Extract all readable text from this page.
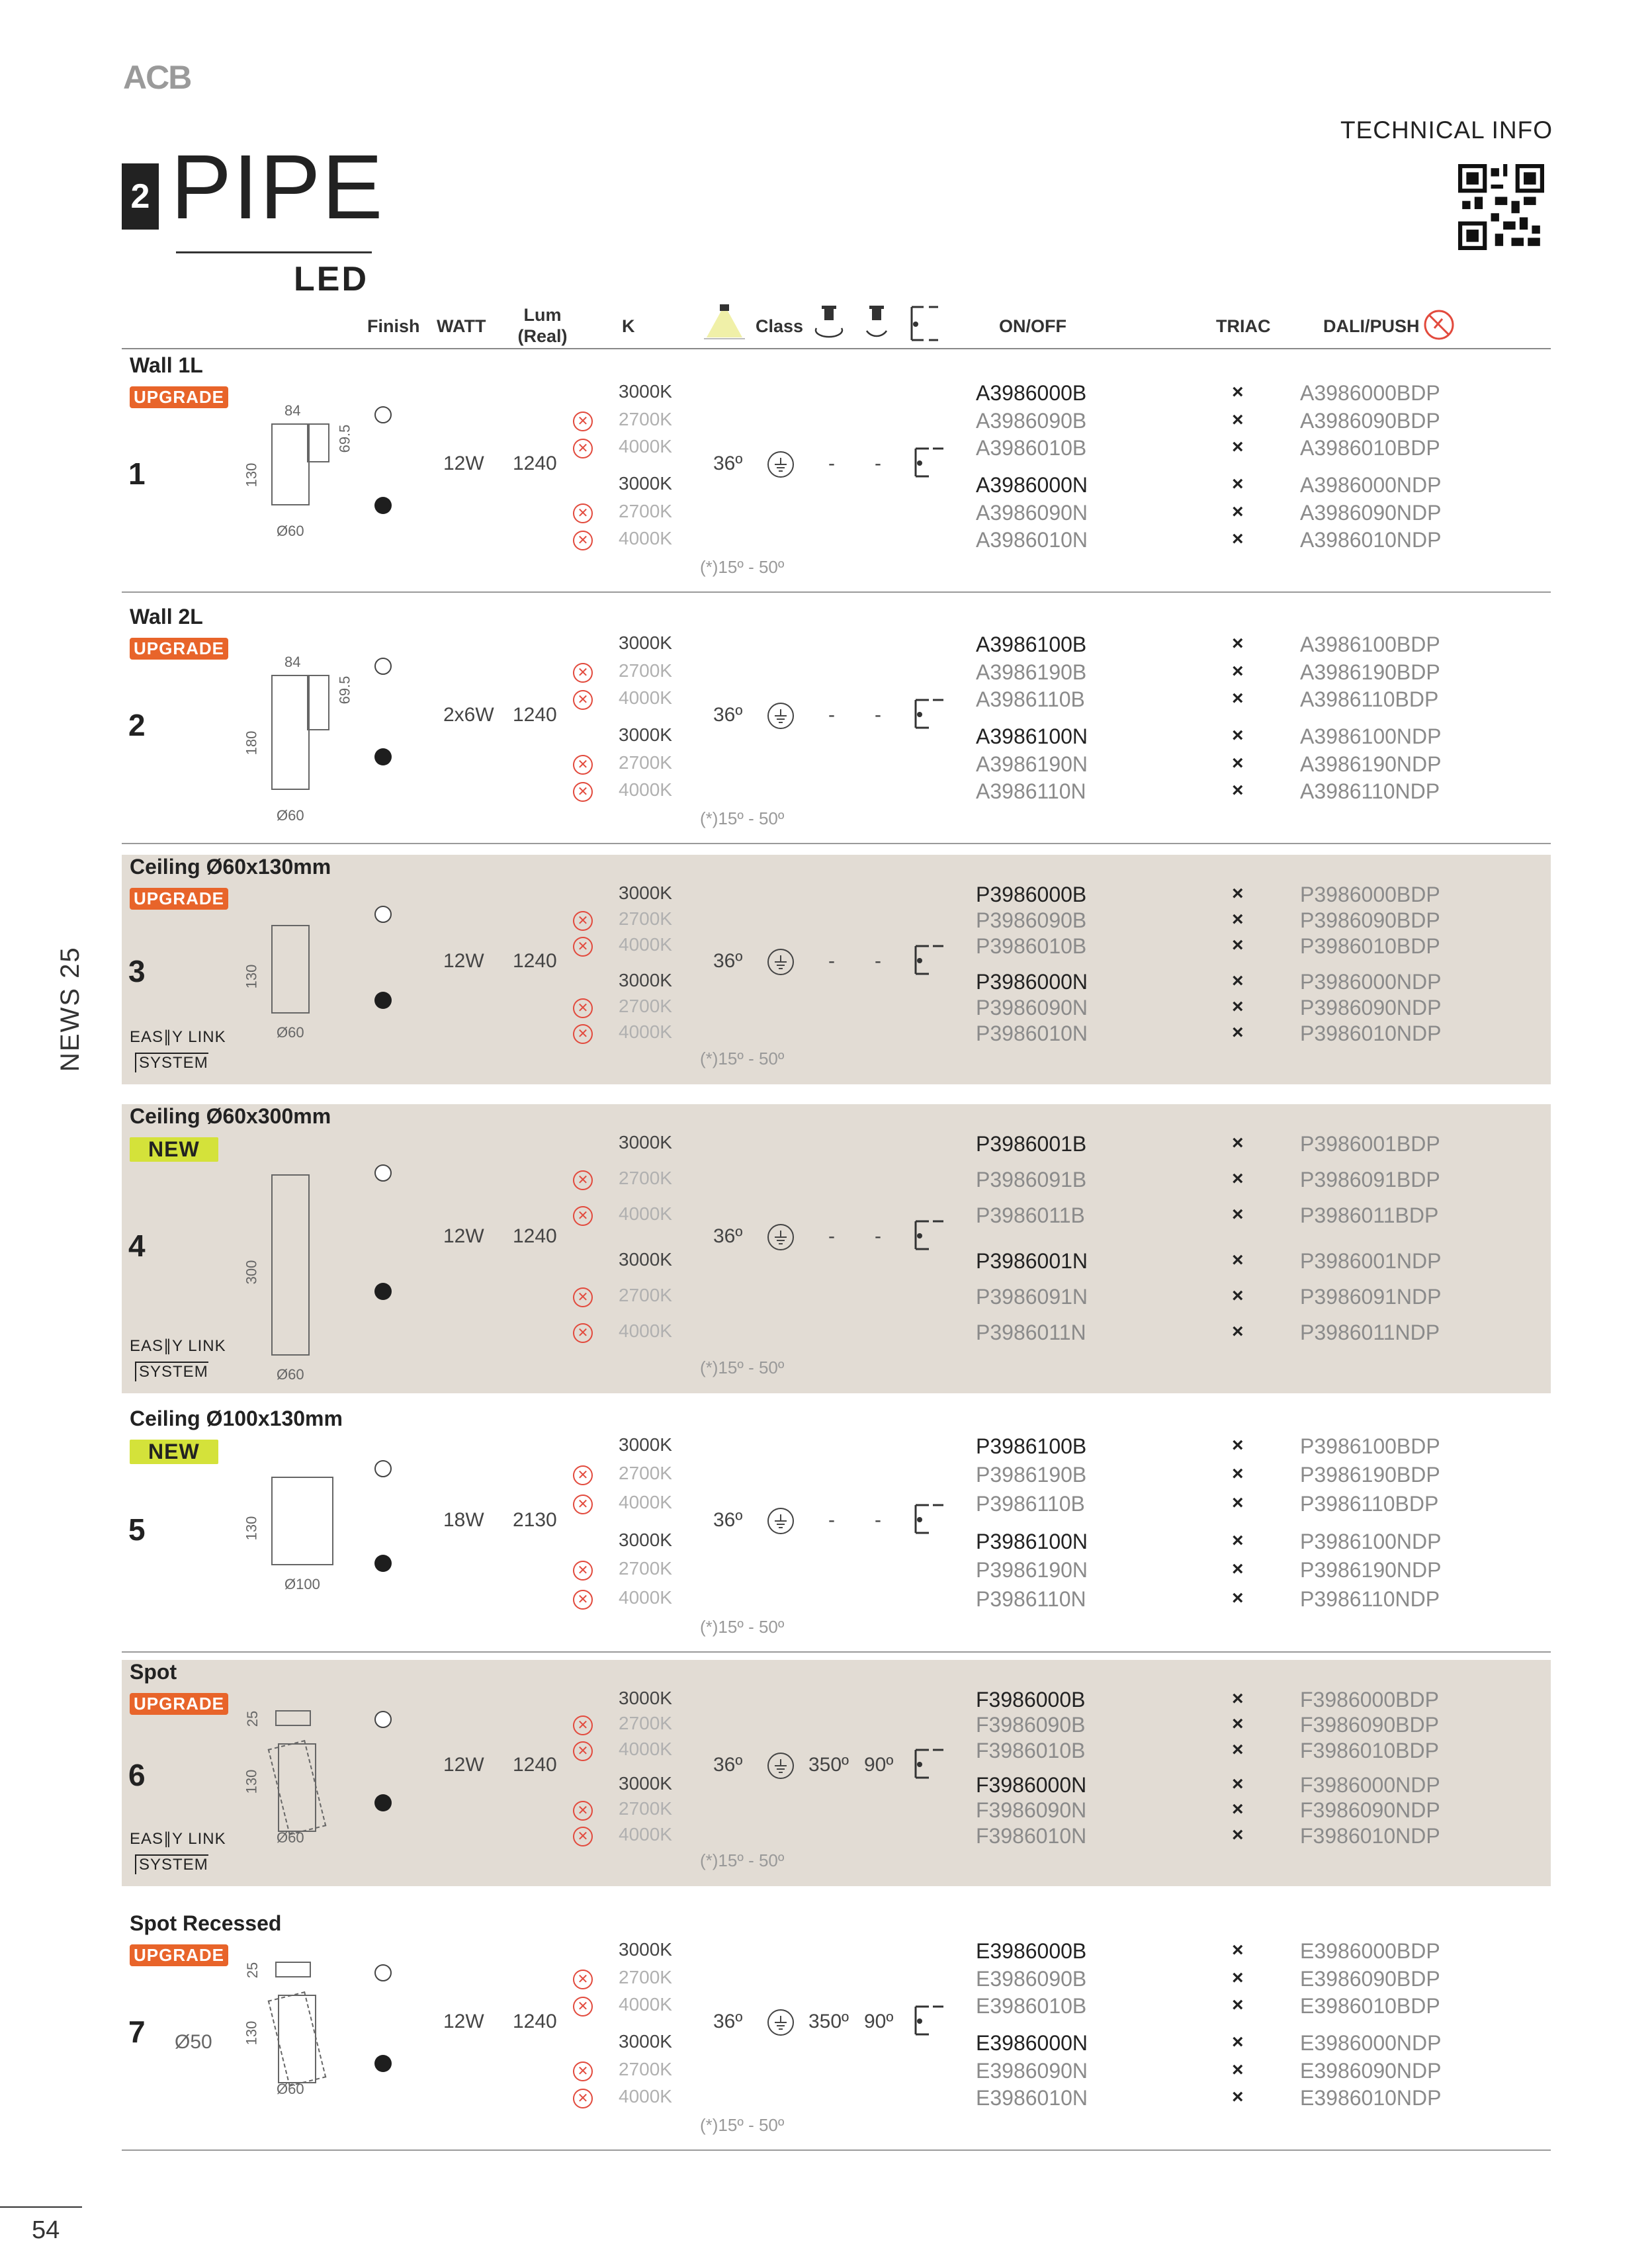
ACB
TECHNICAL INFO
2 PIPE
LED
Finish WATT
Lum (Real)	K	Class	ON/OFF	TRIAC	DALI/PUSH
NEWS 25
54
Wall 1L
UPGRADE
1
84
69.5
130
Ø60
12W 1240
3000K	A3986000B	×	A3986000BDP
✕ 2700K	A3986090B	×	A3986090BDP
✕ 4000K	A3986010B	×	A3986010BDP
3000K	A3986000N	×	A3986000NDP
✕ 2700K	A3986090N	×	A3986090NDP
✕ 4000K	A3986010N	×	A3986010NDP
36º	- -
(*)15º - 50º
Wall 2L
UPGRADE
2
84
69.5
180
Ø60
2x6W 1240
3000K	A3986100B	×	A3986100BDP
✕ 2700K	A3986190B	×	A3986190BDP
✕ 4000K	A3986110B	×	A3986110BDP
3000K	A3986100N	×	A3986100NDP
✕ 2700K	A3986190N	×	A3986190NDP
✕ 4000K	A3986110N	×	A3986110NDP
36º	- -
(*)15º - 50º
Ceiling Ø60x130mm
UPGRADE
3	130
Ø60
EAS∥Y LINK
SYSTEM
12W 1240
3000K	P3986000B	×	P3986000BDP
✕ 2700K	P3986090B	×	P3986090BDP
✕ 4000K	P3986010B	×	P3986010BDP
3000K	P3986000N	×	P3986000NDP
✕ 2700K	P3986090N	×	P3986090NDP
✕ 4000K	P3986010N	×	P3986010NDP
36º	- -
(*)15º - 50º
Ceiling Ø60x300mm
NEW
4
300
Ø60
EAS∥Y LINK
SYSTEM
12W 1240
3000K	P3986001B	×	P3986001BDP
✕ 2700K	P3986091B	×	P3986091BDP
✕ 4000K	P3986011B	×	P3986011BDP
3000K	P3986001N	×	P3986001NDP
✕ 2700K	P3986091N	×	P3986091NDP
✕ 4000K	P3986011N	×	P3986011NDP
36º	- -
(*)15º - 50º
Ceiling Ø100x130mm
NEW
5	130
Ø100
18W 2130
3000K	P3986100B	×	P3986100BDP
✕ 2700K	P3986190B	×	P3986190BDP
✕ 4000K	P3986110B	×	P3986110BDP
3000K	P3986100N	×	P3986100NDP
✕ 2700K	P3986190N	×	P3986190NDP
✕ 4000K	P3986110N	×	P3986110NDP
36º	- -
(*)15º - 50º
Spot
UPGRADE
6
25
130
Ø60
EAS∥Y LINK
SYSTEM
12W 1240
3000K	F3986000B	×	F3986000BDP
✕ 2700K	F3986090B	×	F3986090BDP
✕ 4000K	F3986010B	×	F3986010BDP
3000K	F3986000N	×	F3986000NDP
✕ 2700K	F3986090N	×	F3986090NDP
✕ 4000K	F3986010N	×	F3986010NDP
36º	350º 90º
(*)15º - 50º
Spot Recessed
UPGRADE
7
25
130
Ø60
Ø50
12W 1240
3000K	E3986000B	×	E3986000BDP
✕ 2700K	E3986090B	×	E3986090BDP
✕ 4000K	E3986010B	×	E3986010BDP
3000K	E3986000N	×	E3986000NDP
✕ 2700K	E3986090N	×	E3986090NDP
✕ 4000K	E3986010N	×	E3986010NDP
36º	350º 90º
(*)15º - 50º
